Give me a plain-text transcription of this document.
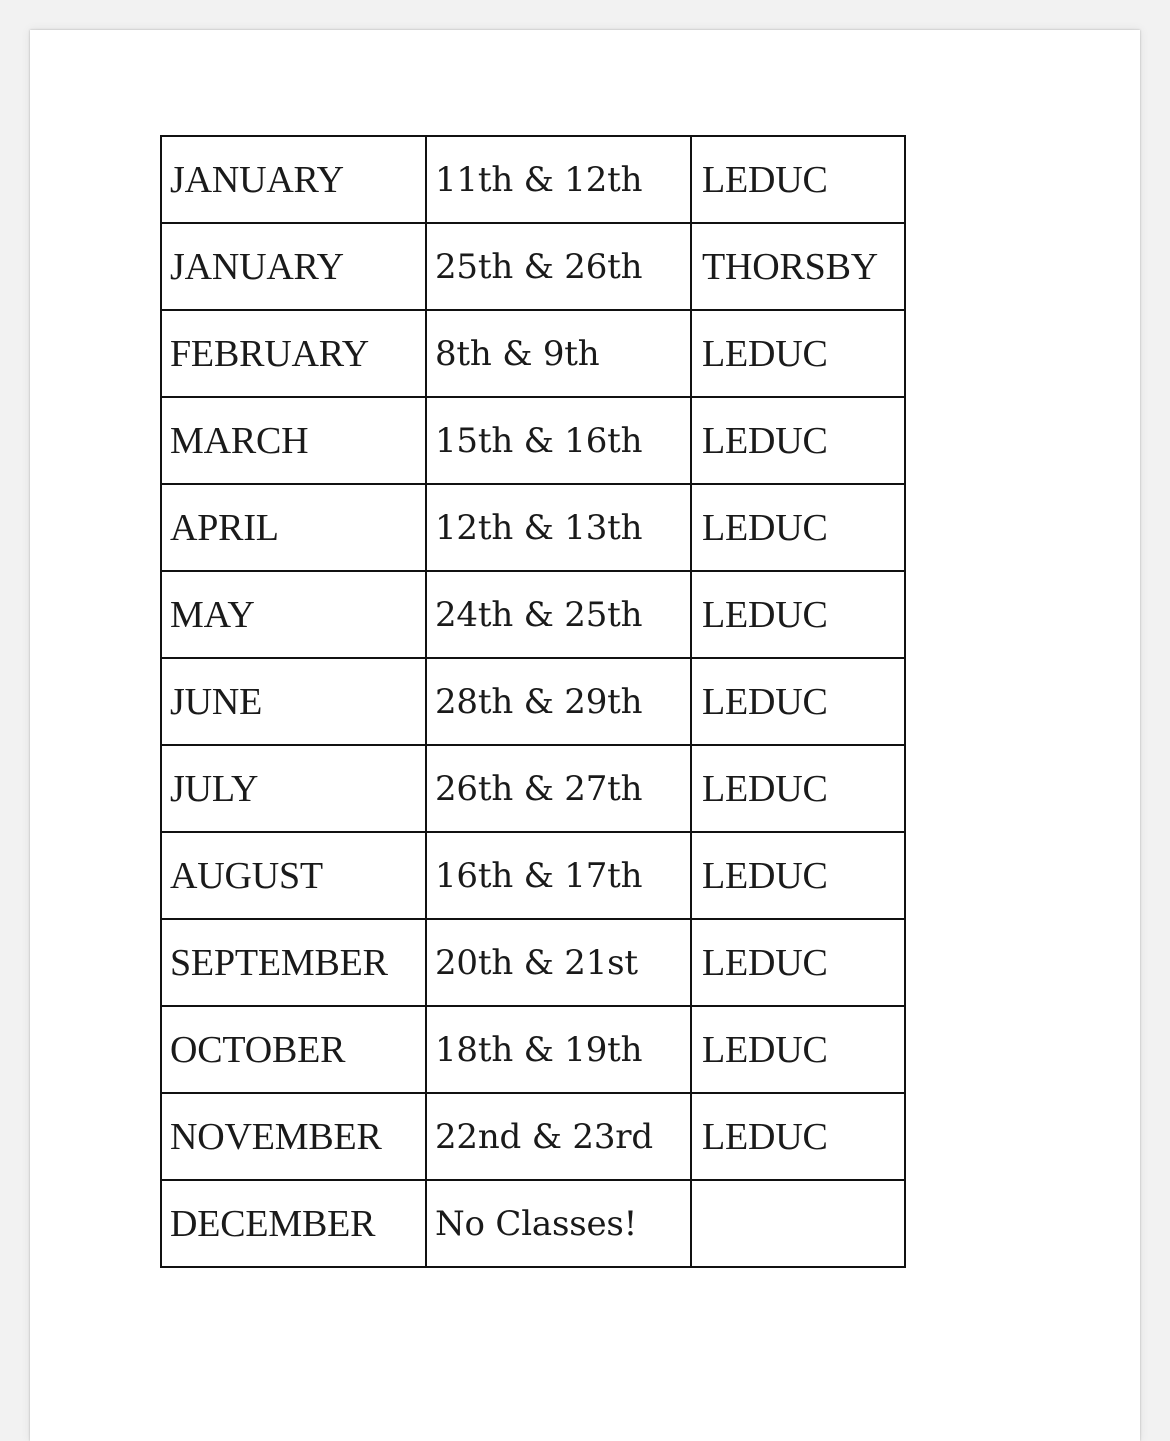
JANUARY	11th & 12th	LEDUC
JANUARY	25th & 26th	THORSBY
FEBRUARY	8th & 9th	LEDUC
MARCH	15th & 16th	LEDUC
APRIL	12th & 13th	LEDUC
MAY	24th & 25th	LEDUC
JUNE	28th & 29th	LEDUC
JULY	26th & 27th	LEDUC
AUGUST	16th & 17th	LEDUC
SEPTEMBER	20th & 21st	LEDUC
OCTOBER	18th & 19th	LEDUC
NOVEMBER	22nd & 23rd	LEDUC
DECEMBER	No Classes!	
